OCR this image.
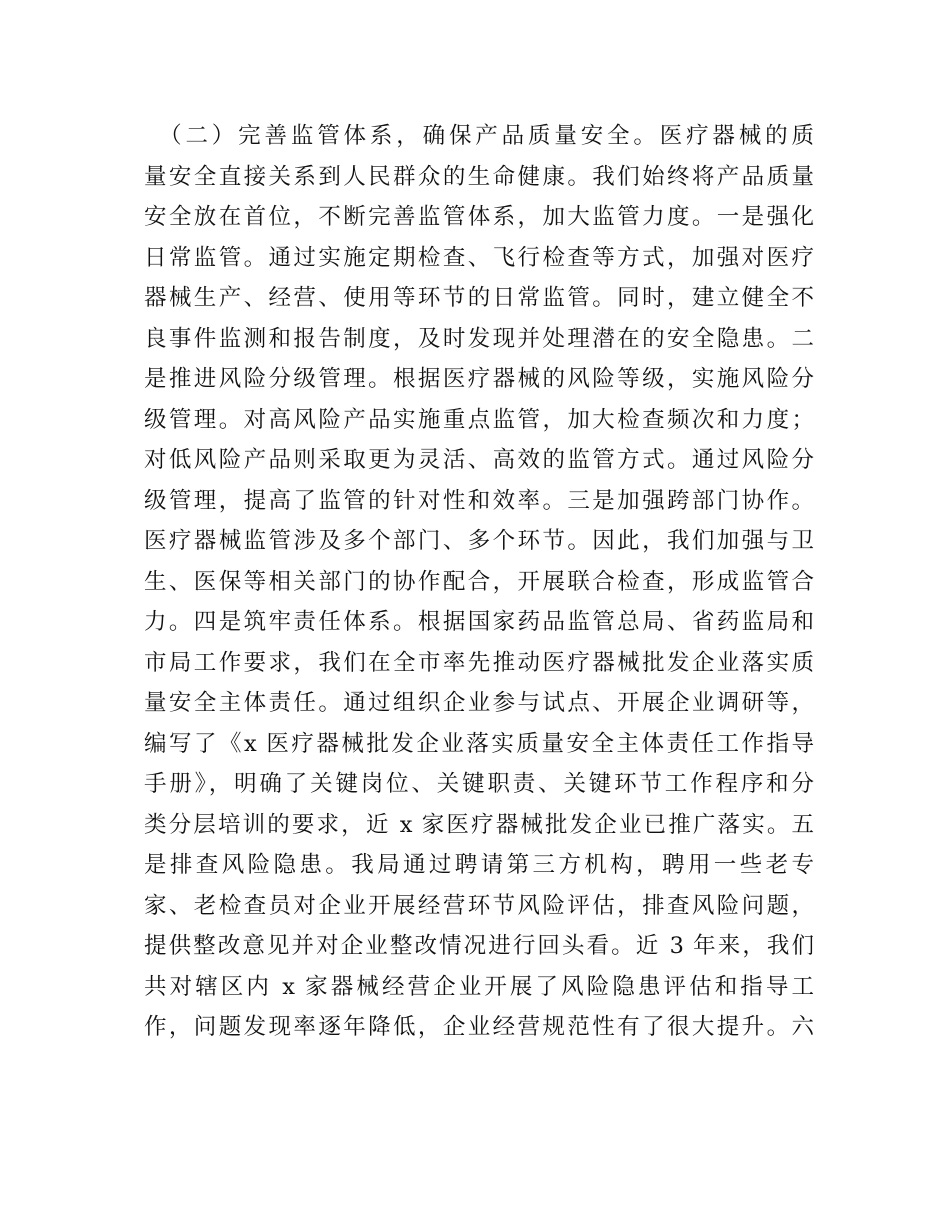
　（二）完善监管体系，确保产品质量安全。医疗器械的质
量安全直接关系到人民群众的生命健康。我们始终将产品质量
安全放在首位，不断完善监管体系，加大监管力度。一是强化
日常监管。通过实施定期检查、飞行检查等方式，加强对医疗
器械生产、经营、使用等环节的日常监管。同时，建立健全不
良事件监测和报告制度，及时发现并处理潜在的安全隐患。二
是推进风险分级管理。根据医疗器械的风险等级，实施风险分
级管理。对高风险产品实施重点监管，加大检查频次和力度；
对低风险产品则采取更为灵活、高效的监管方式。通过风险分
级管理，提高了监管的针对性和效率。三是加强跨部门协作。
医疗器械监管涉及多个部门、多个环节。因此，我们加强与卫
生、医保等相关部门的协作配合，开展联合检查，形成监管合
力。四是筑牢责任体系。根据国家药品监管总局、省药监局和
市局工作要求，我们在全市率先推动医疗器械批发企业落实质
量安全主体责任。通过组织企业参与试点、开展企业调研等，
编写了《x 医疗器械批发企业落实质量安全主体责任工作指导
手册》，明确了关键岗位、关键职责、关键环节工作程序和分
类分层培训的要求，近 x 家医疗器械批发企业已推广落实。五
是排查风险隐患。我局通过聘请第三方机构，聘用一些老专
家、老检查员对企业开展经营环节风险评估，排查风险问题，
提供整改意见并对企业整改情况进行回头看。近 3 年来，我们
共对辖区内 x 家器械经营企业开展了风险隐患评估和指导工
作，问题发现率逐年降低，企业经营规范性有了很大提升。六
